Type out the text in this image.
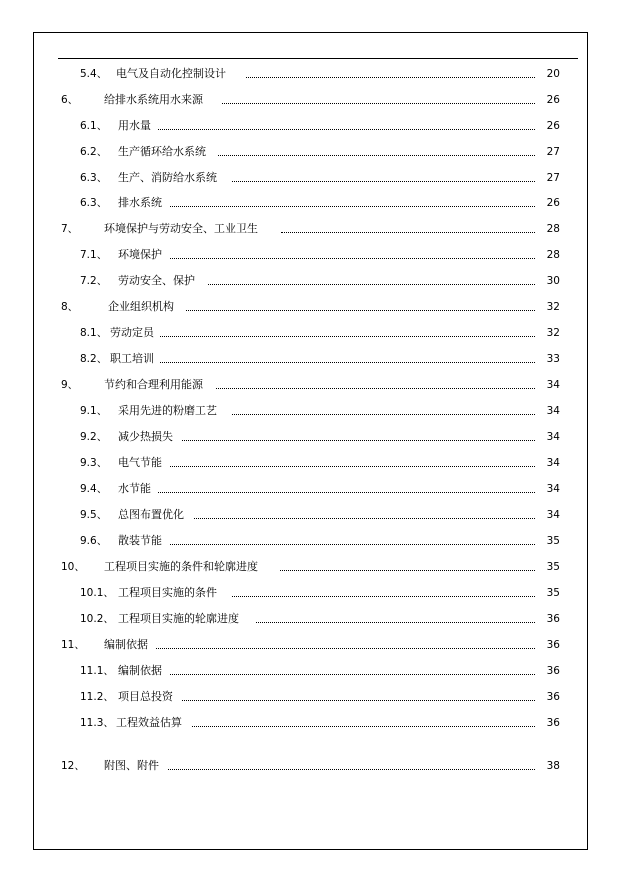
5.4、 电气及自动化控制设计	20
6、 给排水系统用水来源	26
6.1、 用水量	26
6.2、 生产循环给水系统	27
6.3、 生产、消防给水系统	27
6.3、 排水系统	26
7、 环境保护与劳动安全、工业卫生	28
7.1、 环境保护	28
7.2、 劳动安全、保护	30
8、	企业组织机构	32
8.1、 劳动定员	32
8.2、 职工培训	33
9、 节约和合理利用能源	34
9.1、 采用先进的粉磨工艺	34
9.2、 减少热损失	34
9.3、 电气节能	34
9.4、 水节能	34
9.5、 总图布置优化	34
9.6、 散装节能	35
10、 工程项目实施的条件和轮廓进度	35
10.1、 工程项目实施的条件	35
10.2、 工程项目实施的轮廓进度	36
11、 编制依据	36
11.1、 编制依据	36
11.2、 项目总投资	36
11.3、 工程效益估算	36
12、 附图、附件	38
